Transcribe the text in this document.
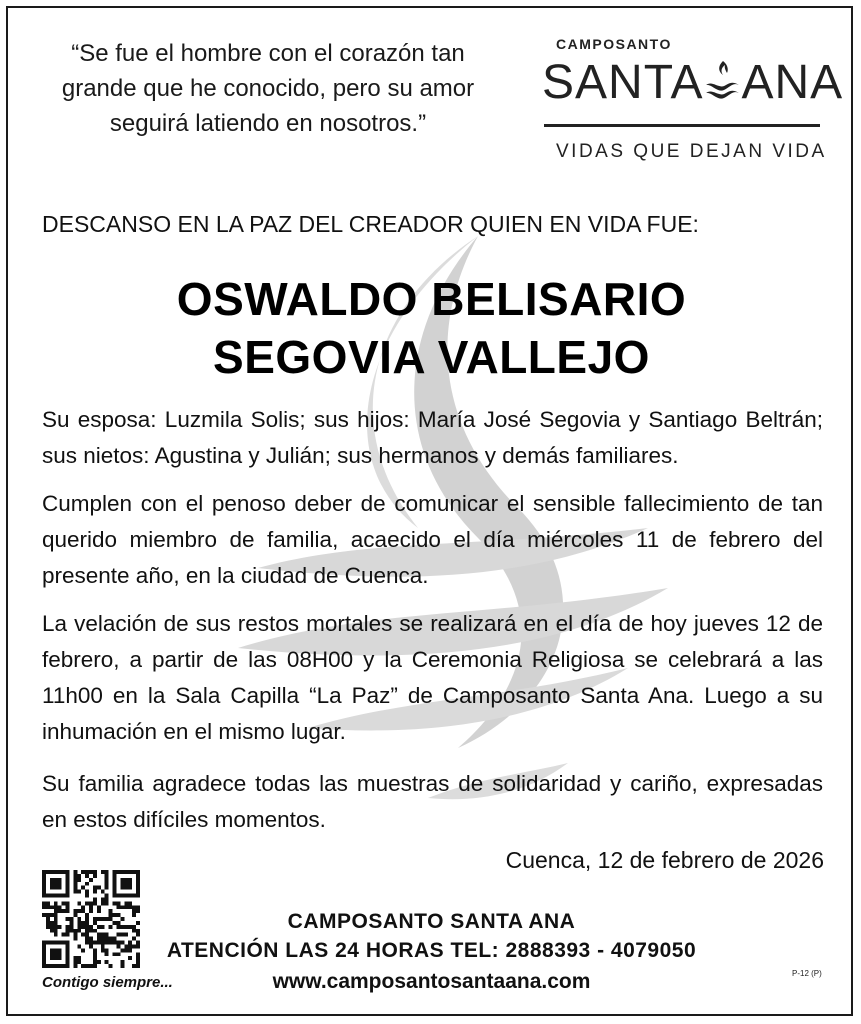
“Se fue el hombre con el corazón tan grande que he conocido, pero su amor seguirá latiendo en nosotros.”
CAMPOSANTO
SANTA ANA
VIDAS QUE DEJAN VIDA
DESCANSO EN LA PAZ DEL CREADOR QUIEN EN VIDA FUE:
OSWALDO BELISARIO
SEGOVIA VALLEJO
Su esposa: Luzmila Solis; sus hijos: María José Segovia y Santiago Beltrán; sus nietos: Agustina y Julián; sus hermanos y demás familiares.
Cumplen con el penoso deber de comunicar el sensible fallecimiento de tan querido miembro de familia, acaecido el día miércoles 11 de febrero del presente año, en la ciudad de Cuenca.
La velación de sus restos mortales se realizará en el día de hoy jueves 12 de febrero, a partir de las 08H00 y la Ceremonia Religiosa se celebrará a las 11h00 en la Sala Capilla “La Paz” de Camposanto Santa Ana. Luego a su inhumación en el mismo lugar.
Su familia agradece todas las muestras de solidaridad y cariño, expresadas en estos difíciles momentos.
Cuenca, 12 de febrero de 2026
Contigo siempre...
CAMPOSANTO SANTA ANA
ATENCIÓN LAS 24 HORAS TEL: 2888393 - 4079050
www.camposantosantaana.com	P-12 (P)
